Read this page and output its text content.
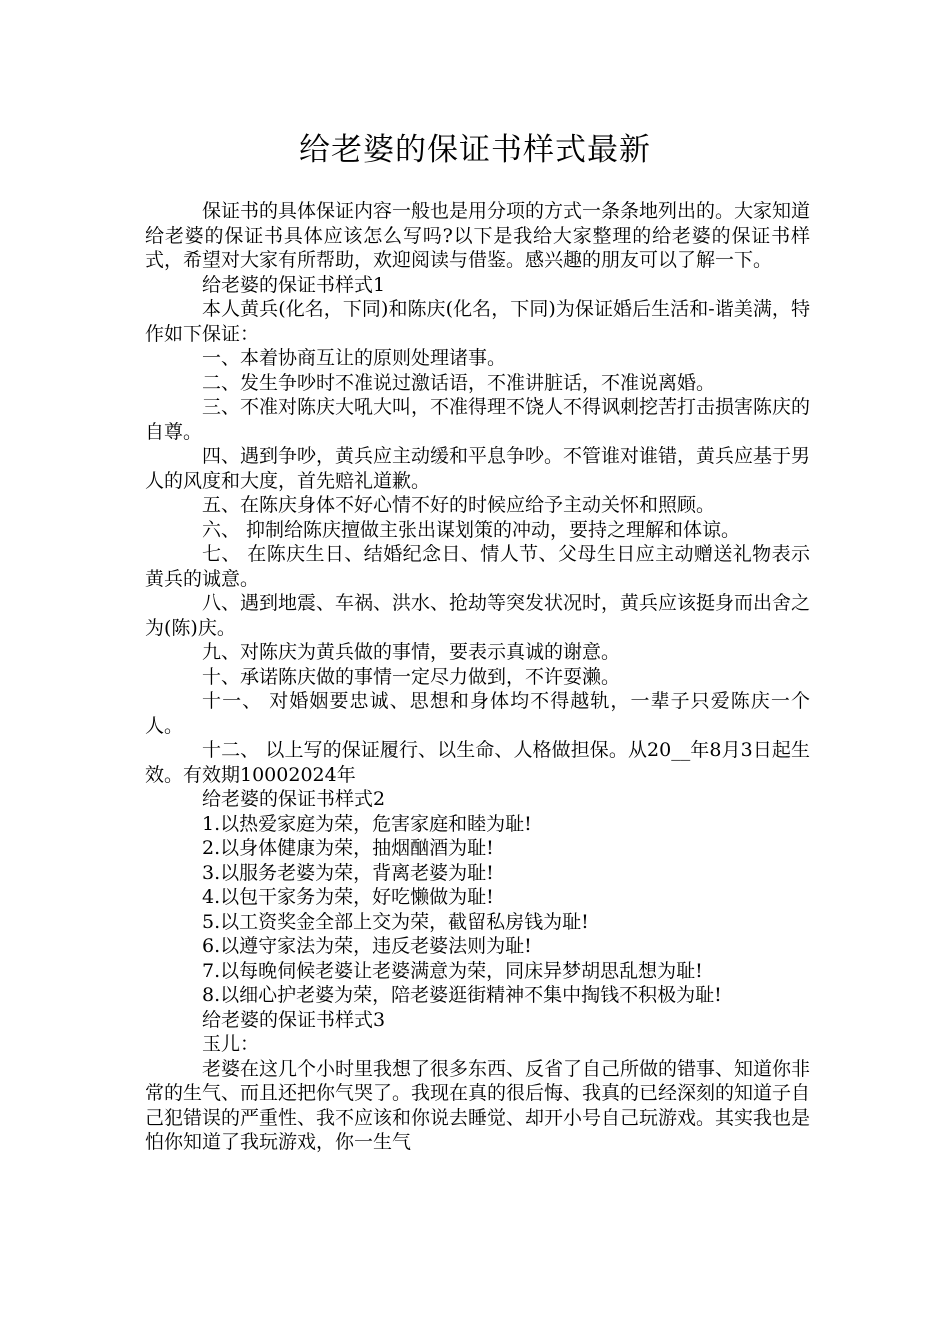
给老婆的保证书样式最新

保证书的具体保证内容一般也是用分项的方式一条条地列出的。大家知道给老婆的保证书具体应该怎么写吗?以下是我给大家整理的给老婆的保证书样式，希望对大家有所帮助，欢迎阅读与借鉴。感兴趣的朋友可以了解一下。

给老婆的保证书样式1

本人黄兵(化名，下同)和陈庆(化名，下同)为保证婚后生活和-谐美满，特作如下保证：

一、本着协商互让的原则处理诸事。

二、发生争吵时不准说过激话语，不准讲脏话，不准说离婚。

三、不准对陈庆大吼大叫，不准得理不饶人不得讽刺挖苦打击损害陈庆的自尊。

四、遇到争吵，黄兵应主动缓和平息争吵。不管谁对谁错，黄兵应基于男人的风度和大度，首先赔礼道歉。

五、在陈庆身体不好心情不好的时候应给予主动关怀和照顾。

六、 抑制给陈庆擅做主张出谋划策的冲动，要持之理解和体谅。

七、 在陈庆生日、结婚纪念日、情人节、父母生日应主动赠送礼物表示黄兵的诚意。

八、遇到地震、车祸、洪水、抢劫等突发状况时，黄兵应该挺身而出舍之为(陈)庆。

九、对陈庆为黄兵做的事情，要表示真诚的谢意。

十、承诺陈庆做的事情一定尽力做到，不许耍濑。

十一、 对婚姻要忠诚、思想和身体均不得越轨，一辈子只爱陈庆一个人。

十二、 以上写的保证履行、以生命、人格做担保。从20__年8月3日起生效。有效期10002024年

给老婆的保证书样式2

1.以热爱家庭为荣，危害家庭和睦为耻!

2.以身体健康为荣，抽烟酗酒为耻!

3.以服务老婆为荣，背离老婆为耻!

4.以包干家务为荣，好吃懒做为耻!

5.以工资奖金全部上交为荣，截留私房钱为耻!

6.以遵守家法为荣，违反老婆法则为耻!

7.以每晚伺候老婆让老婆满意为荣，同床异梦胡思乱想为耻!

8.以细心护老婆为荣，陪老婆逛街精神不集中掏钱不积极为耻!

给老婆的保证书样式3

玉儿：

老婆在这几个小时里我想了很多东西、反省了自己所做的错事、知道你非常的生气、而且还把你气哭了。我现在真的很后悔、我真的已经深刻的知道子自己犯错误的严重性、我不应该和你说去睡觉、却开小号自己玩游戏。其实我也是怕你知道了我玩游戏，你一生气
